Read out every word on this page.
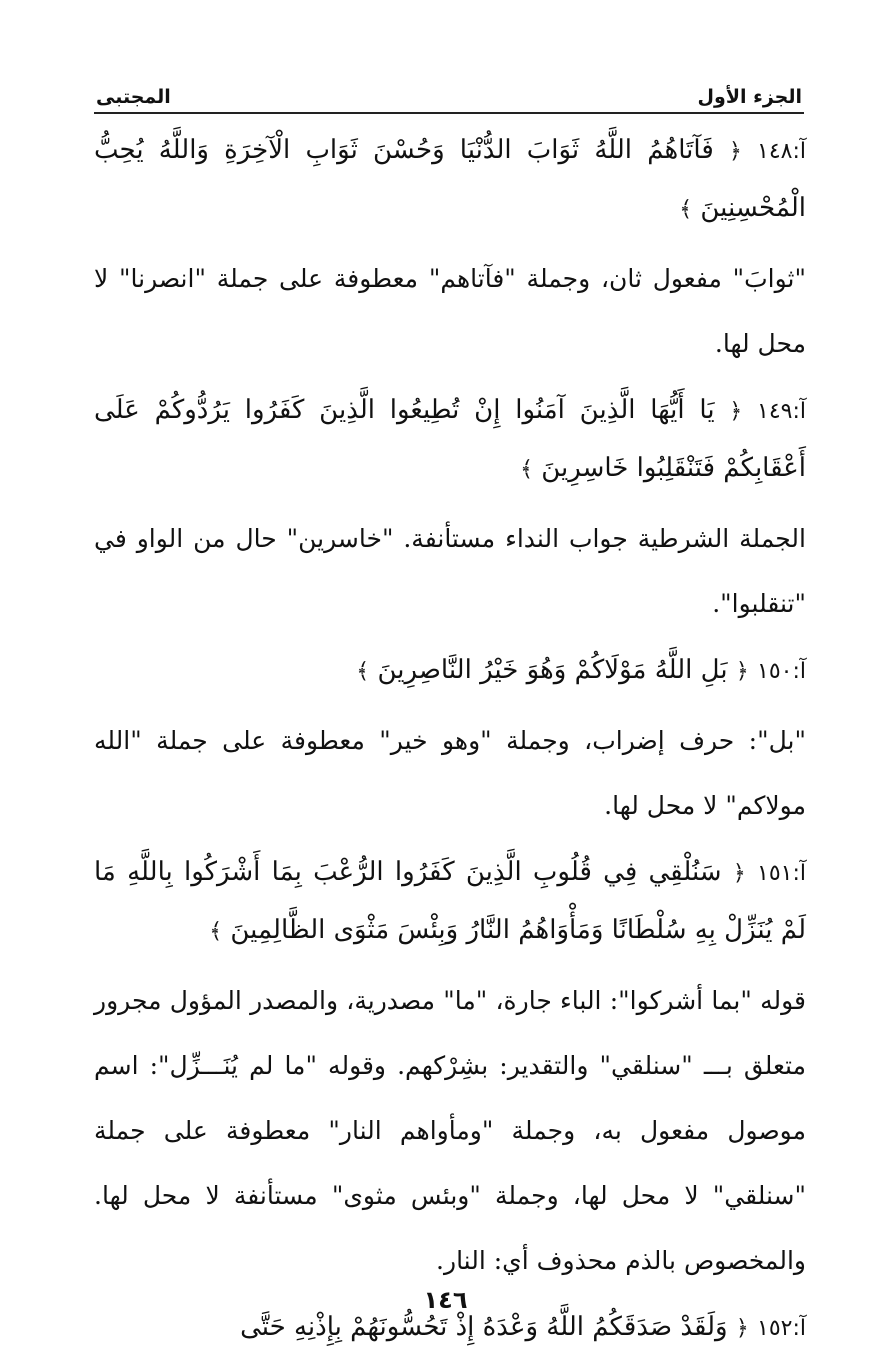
الجزء الأول
المجتبى

آ:١٤٨ ﴿ فَآتَاهُمُ اللَّهُ ثَوَابَ الدُّنْيَا وَحُسْنَ ثَوَابِ الْآخِرَةِ وَاللَّهُ يُحِبُّ الْمُحْسِنِينَ ﴾

"ثوابَ" مفعول ثان، وجملة "فآتاهم" معطوفة على جملة "انصرنا" لا محل لها.

آ:١٤٩ ﴿ يَا أَيُّهَا الَّذِينَ آمَنُوا إِنْ تُطِيعُوا الَّذِينَ كَفَرُوا يَرُدُّوكُمْ عَلَى أَعْقَابِكُمْ فَتَنْقَلِبُوا خَاسِرِينَ ﴾

الجملة الشرطية جواب النداء مستأنفة. "خاسرين" حال من الواو في "تنقلبوا".

آ:١٥٠ ﴿ بَلِ اللَّهُ مَوْلَاكُمْ وَهُوَ خَيْرُ النَّاصِرِينَ ﴾

"بل": حرف إضراب، وجملة "وهو خير" معطوفة على جملة "الله مولاكم" لا محل لها.

آ:١٥١ ﴿ سَنُلْقِي فِي قُلُوبِ الَّذِينَ كَفَرُوا الرُّعْبَ بِمَا أَشْرَكُوا بِاللَّهِ مَا لَمْ يُنَزِّلْ بِهِ سُلْطَانًا وَمَأْوَاهُمُ النَّارُ وَبِئْسَ مَثْوَى الظَّالِمِينَ ﴾

قوله "بما أشركوا": الباء جارة، "ما" مصدرية، والمصدر المؤول مجرور متعلق بـــ "سنلقي" والتقدير: بشِرْكهم. وقوله "ما لم يُنَـــزِّل": اسم موصول مفعول به، وجملة "ومأواهم النار" معطوفة على جملة "سنلقي" لا محل لها، وجملة "وبئس مثوى" مستأنفة لا محل لها. والمخصوص بالذم محذوف أي: النار.

آ:١٥٢ ﴿ وَلَقَدْ صَدَقَكُمُ اللَّهُ وَعْدَهُ إِذْ تَحُسُّونَهُمْ بِإِذْنِهِ حَتَّى

١٤٦
